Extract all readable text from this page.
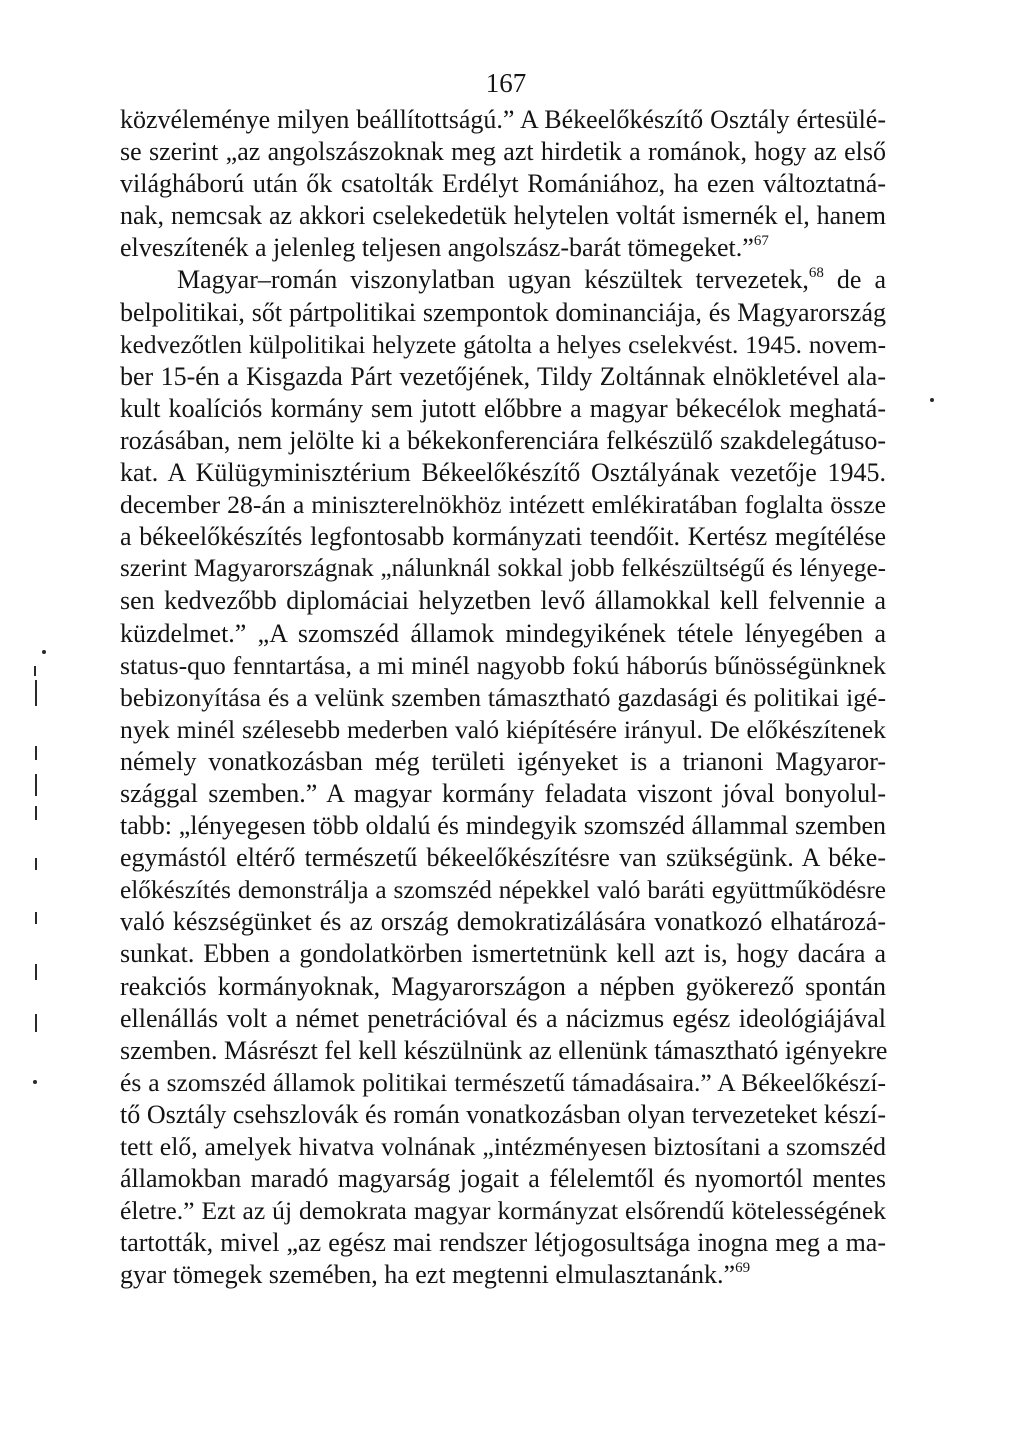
167
közvéleménye milyen beállítottságú.” A Békeelőkészítő Osztály értesülé-
se szerint „az angolszászoknak meg azt hirdetik a románok, hogy az első
világháború után ők csatolták Erdélyt Romániához, ha ezen változtatná-
nak, nemcsak az akkori cselekedetük helytelen voltát ismernék el, hanem
elveszítenék a jelenleg teljesen angolszász-barát tömegeket.”$^{67}$
Magyar–román viszonylatban ugyan készültek tervezetek,$^{68}$ de a
belpolitikai, sőt pártpolitikai szempontok dominanciája, és Magyarország
kedvezőtlen külpolitikai helyzete gátolta a helyes cselekvést. 1945. novem-
ber 15-én a Kisgazda Párt vezetőjének, Tildy Zoltánnak elnökletével ala-
kult koalíciós kormány sem jutott előbbre a magyar békecélok meghatá-
rozásában, nem jelölte ki a békekonferenciára felkészülő szakdelegátuso-
kat. A Külügyminisztérium Békeelőkészítő Osztályának vezetője 1945.
december 28-án a miniszterelnökhöz intézett emlékiratában foglalta össze
a békeelőkészítés legfontosabb kormányzati teendőit. Kertész megítélése
szerint Magyarországnak „nálunknál sokkal jobb felkészültségű és lényege-
sen kedvezőbb diplomáciai helyzetben levő államokkal kell felvennie a
küzdelmet.” „A szomszéd államok mindegyikének tétele lényegében a
status-quo fenntartása, a mi minél nagyobb fokú háborús bűnösségünknek
bebizonyítása és a velünk szemben támasztható gazdasági és politikai igé-
nyek minél szélesebb mederben való kiépítésére irányul. De előkészítenek
némely vonatkozásban még területi igényeket is a trianoni Magyaror-
szággal szemben.” A magyar kormány feladata viszont jóval bonyolul-
tabb: „lényegesen több oldalú és mindegyik szomszéd állammal szemben
egymástól eltérő természetű békeelőkészítésre van szükségünk. A béke-
előkészítés demonstrálja a szomszéd népekkel való baráti együttműködésre
való készségünket és az ország demokratizálására vonatkozó elhatározá-
sunkat. Ebben a gondolatkörben ismertetnünk kell azt is, hogy dacára a
reakciós kormányoknak, Magyarországon a népben gyökerező spontán
ellenállás volt a német penetrációval és a nácizmus egész ideológiájával
szemben. Másrészt fel kell készülnünk az ellenünk támasztható igényekre
és a szomszéd államok politikai természetű támadásaira.” A Békeelőkészí-
tő Osztály csehszlovák és román vonatkozásban olyan tervezeteket készí-
tett elő, amelyek hivatva volnának „intézményesen biztosítani a szomszéd
államokban maradó magyarság jogait a félelemtől és nyomortól mentes
életre.” Ezt az új demokrata magyar kormányzat elsőrendű kötelességének
tartották, mivel „az egész mai rendszer létjogosultsága inogna meg a ma-
gyar tömegek szemében, ha ezt megtenni elmulasztanánk.”$^{69}$
